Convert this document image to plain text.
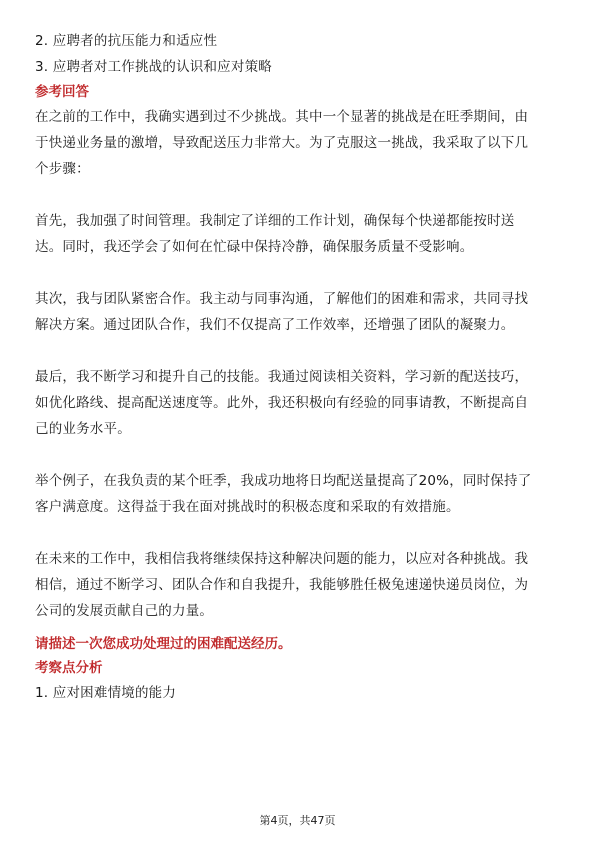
2. 应聘者的抗压能力和适应性
3. 应聘者对工作挑战的认识和应对策略
参考回答
在之前的工作中，我确实遇到过不少挑战。其中一个显著的挑战是在旺季期间，由
于快递业务量的激增，导致配送压力非常大。为了克服这一挑战，我采取了以下几
个步骤：
首先，我加强了时间管理。我制定了详细的工作计划，确保每个快递都能按时送
达。同时，我还学会了如何在忙碌中保持冷静，确保服务质量不受影响。
其次，我与团队紧密合作。我主动与同事沟通，了解他们的困难和需求，共同寻找
解决方案。通过团队合作，我们不仅提高了工作效率，还增强了团队的凝聚力。
最后，我不断学习和提升自己的技能。我通过阅读相关资料，学习新的配送技巧，
如优化路线、提高配送速度等。此外，我还积极向有经验的同事请教，不断提高自
己的业务水平。
举个例子，在我负责的某个旺季，我成功地将日均配送量提高了20%，同时保持了
客户满意度。这得益于我在面对挑战时的积极态度和采取的有效措施。
在未来的工作中，我相信我将继续保持这种解决问题的能力，以应对各种挑战。我
相信，通过不断学习、团队合作和自我提升，我能够胜任极兔速递快递员岗位，为
公司的发展贡献自己的力量。
请描述一次您成功处理过的困难配送经历。
考察点分析
1. 应对困难情境的能力
第4页，共47页
